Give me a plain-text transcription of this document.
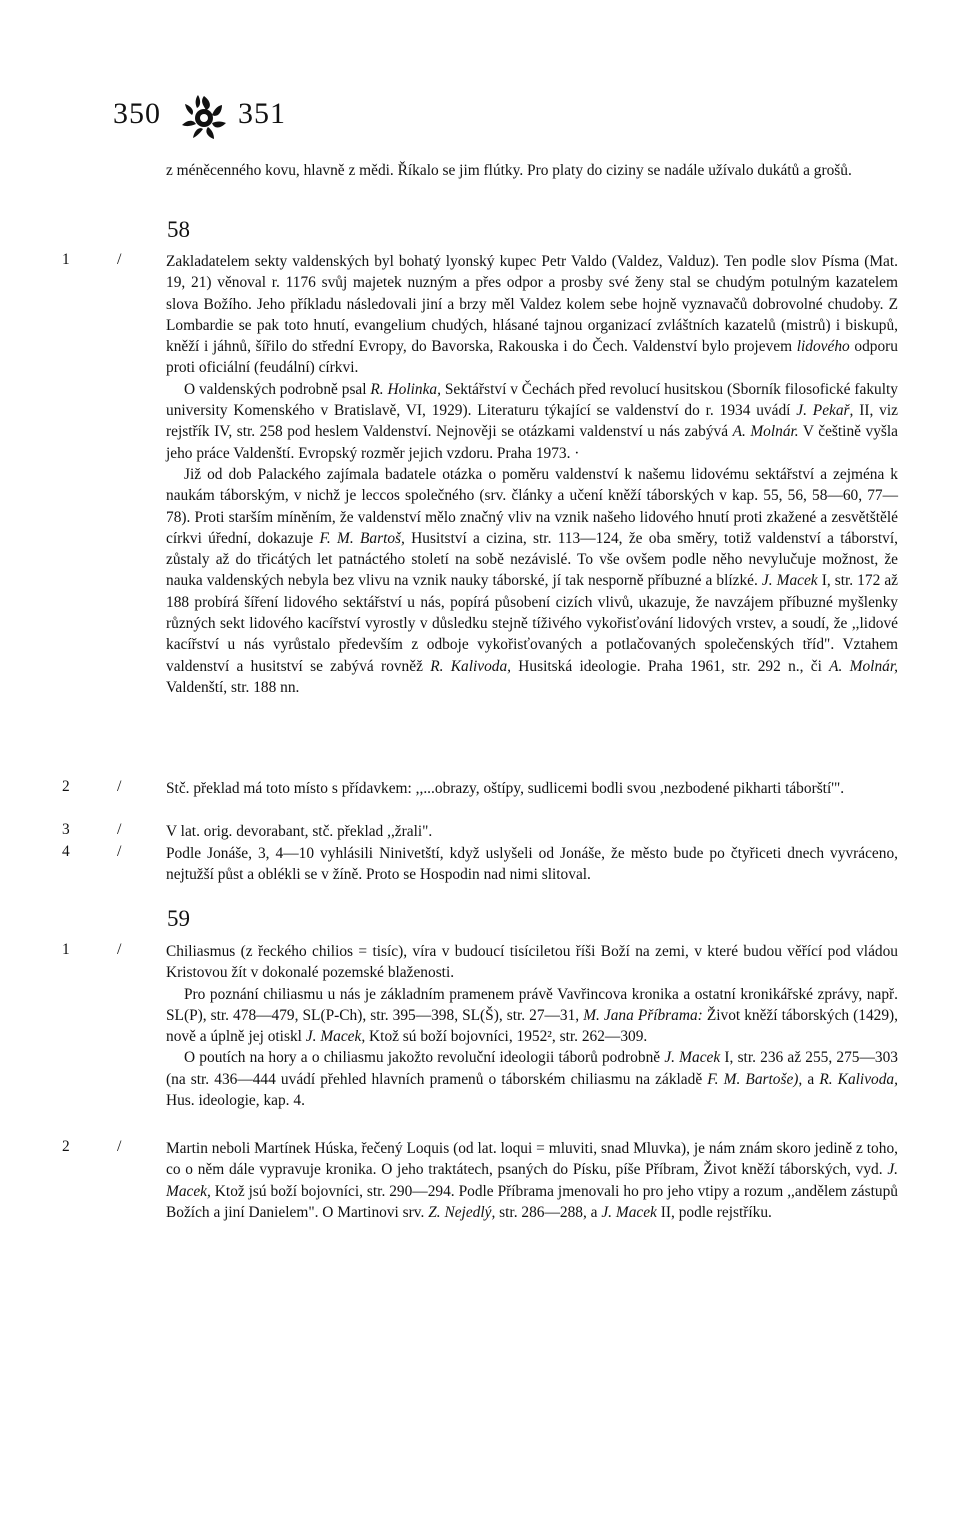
350	351
z méněcenného kovu, hlavně z mědi. Říkalo se jim flútky. Pro platy do ciziny se nadále užívalo dukátů a grošů.
58
1	/	Zakladatelem sekty valdenských byl bohatý lyonský kupec Petr Valdo (Valdez, Valduz). Ten podle slov Písma (Mat. 19, 21) věnoval r. 1176 svůj majetek nuzným a přes odpor a prosby své ženy stal se chudým potulným kazatelem slova Božího. Jeho příkladu následovali jiní a brzy měl Valdez kolem sebe hojně vyznavačů dobrovolné chudoby. Z Lombardie se pak toto hnutí, evangelium chudých, hlásané tajnou organizací zvláštních kazatelů (mistrů) i biskupů, kněží i jáhnů, šířilo do střední Evropy, do Bavorska, Rakouska i do Čech. Valdenství bylo projevem lidového odporu proti oficiální (feudální) církvi.

O valdenských podrobně psal R. Holinka, Sektářství v Čechách před revolucí husitskou (Sborník filosofické fakulty university Komenského v Bratislavě, VI, 1929). Literaturu týkající se valdenství do r. 1934 uvádí J. Pekař, II, viz rejstřík IV, str. 258 pod heslem Valdenství. Nejnověji se otázkami valdenství u nás zabývá A. Molnár. V češtině vyšla jeho práce Valdenští. Evropský rozměr jejich vzdoru. Praha 1973. ·

Již od dob Palackého zajímala badatele otázka o poměru valdenství k našemu lidovému sektářství a zejména k naukám táborským, v nichž je leccos společného (srv. články a učení kněží táborských v kap. 55, 56, 58—60, 77—78). Proti starším míněním, že valdenství mělo značný vliv na vznik našeho lidového hnutí proti zkažené a zesvětštělé církvi úřední, dokazuje F. M. Bartoš, Husitství a cizina, str. 113—124, že oba směry, totiž valdenství a táborství, zůstaly až do třicátých let patnáctého století na sobě nezávislé. To vše ovšem podle něho nevylučuje možnost, že nauka valdenských nebyla bez vlivu na vznik nauky táborské, jí tak nesporně příbuzné a blízké. J. Macek I, str. 172 až 188 probírá šíření lidového sektářství u nás, popírá působení cizích vlivů, ukazuje, že navzájem příbuzné myšlenky různých sekt lidového kacířství vyrostly v důsledku stejně tíživého vykořisťování lidových vrstev, a soudí, že ,,lidové kacířství u nás vyrůstalo především z odboje vykořisťovaných a potlačovaných společenských tříd". Vztahem valdenství a husitství se zabývá rovněž R. Kalivoda, Husitská ideologie. Praha 1961, str. 292 n., či A. Molnár, Valdenští, str. 188 nn.

2	/	Stč. překlad má toto místo s přídavkem: ,,...obrazy, oštípy, sudlicemi bodli svou ,nezbodené pikharti táborští'".
3	/	V lat. orig. devorabant, stč. překlad ,,žrali".
4	/	Podle Jonáše, 3, 4—10 vyhlásili Ninivetští, když uslyšeli od Jonáše, že město bude po čtyřiceti dnech vyvráceno, nejtužší půst a oblékli se v žíně. Proto se Hospodin nad nimi slitoval.
59
1	/	Chiliasmus (z řeckého chilios = tisíc), víra v budoucí tisíciletou říši Boží na zemi, v které budou věřící pod vládou Kristovou žít v dokonalé pozemské blaženosti.

Pro poznání chiliasmu u nás je základním pramenem právě Vavřincova kronika a ostatní kronikářské zprávy, např. SL(P), str. 478—479, SL(P-Ch), str. 395—398, SL(Š), str. 27—31, M. Jana Příbrama: Život kněží táborských (1429), nově a úplně jej otiskl J. Macek, Ktož sú boží bojovníci, 1952², str. 262—309.

O poutích na hory a o chiliasmu jakožto revoluční ideologii táborů podrobně J. Macek I, str. 236 až 255, 275—303 (na str. 436—444 uvádí přehled hlavních pramenů o táborském chiliasmu na základě F. M. Bartoše), a R. Kalivoda, Hus. ideologie, kap. 4.

2	/	Martin neboli Martínek Húska, řečený Loquis (od lat. loqui = mluviti, snad Mluvka), je nám znám skoro jedině z toho, co o něm dále vypravuje kronika. O jeho traktátech, psaných do Písku, píše Příbram, Život kněží táborských, vyd. J. Macek, Ktož jsú boží bojovníci, str. 290—294. Podle Příbrama jmenovali ho pro jeho vtipy a rozum ,,andělem zástupů Božích a jiní Danielem". O Martinovi srv. Z. Nejedlý, str. 286—288, a J. Macek II, podle rejstříku.
